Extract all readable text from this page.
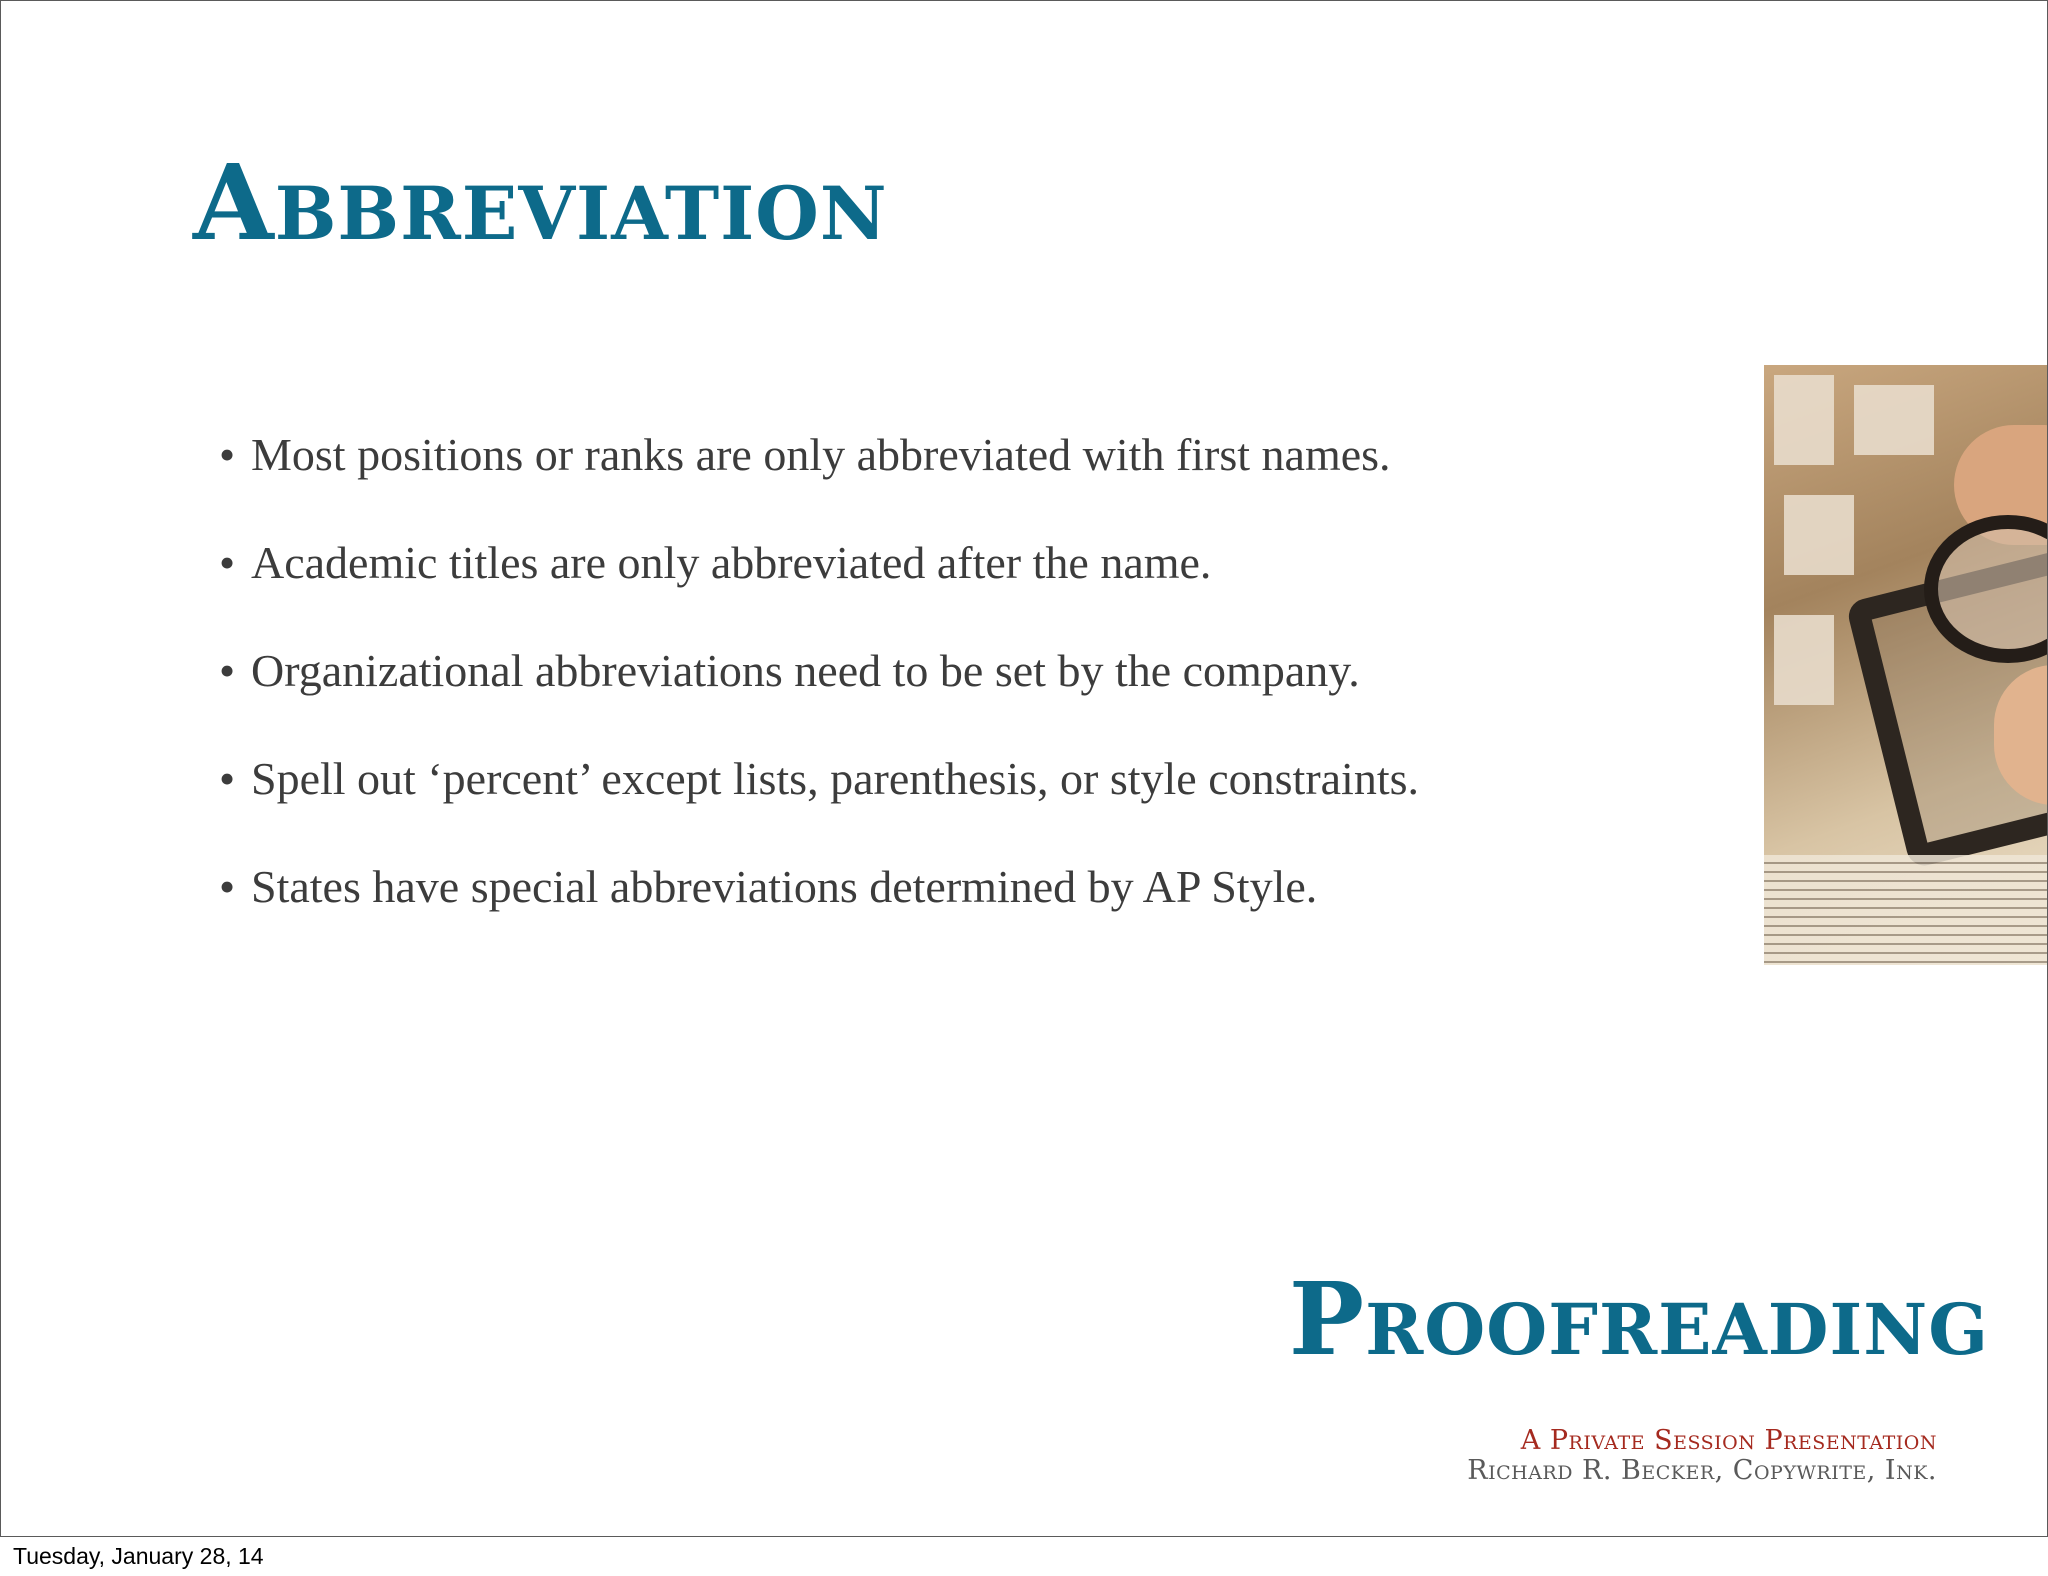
Abbreviation
• Most positions or ranks are only abbreviated with first names.
• Academic titles are only abbreviated after the name.
• Organizational abbreviations need to be set by the company.
• Spell out ‘percent’ except lists, parenthesis, or style constraints.
• States have special abbreviations determined by AP Style.
Proofreading
A Private Session Presentation
Richard R. Becker, Copywrite, Ink.
Tuesday, January 28, 14
